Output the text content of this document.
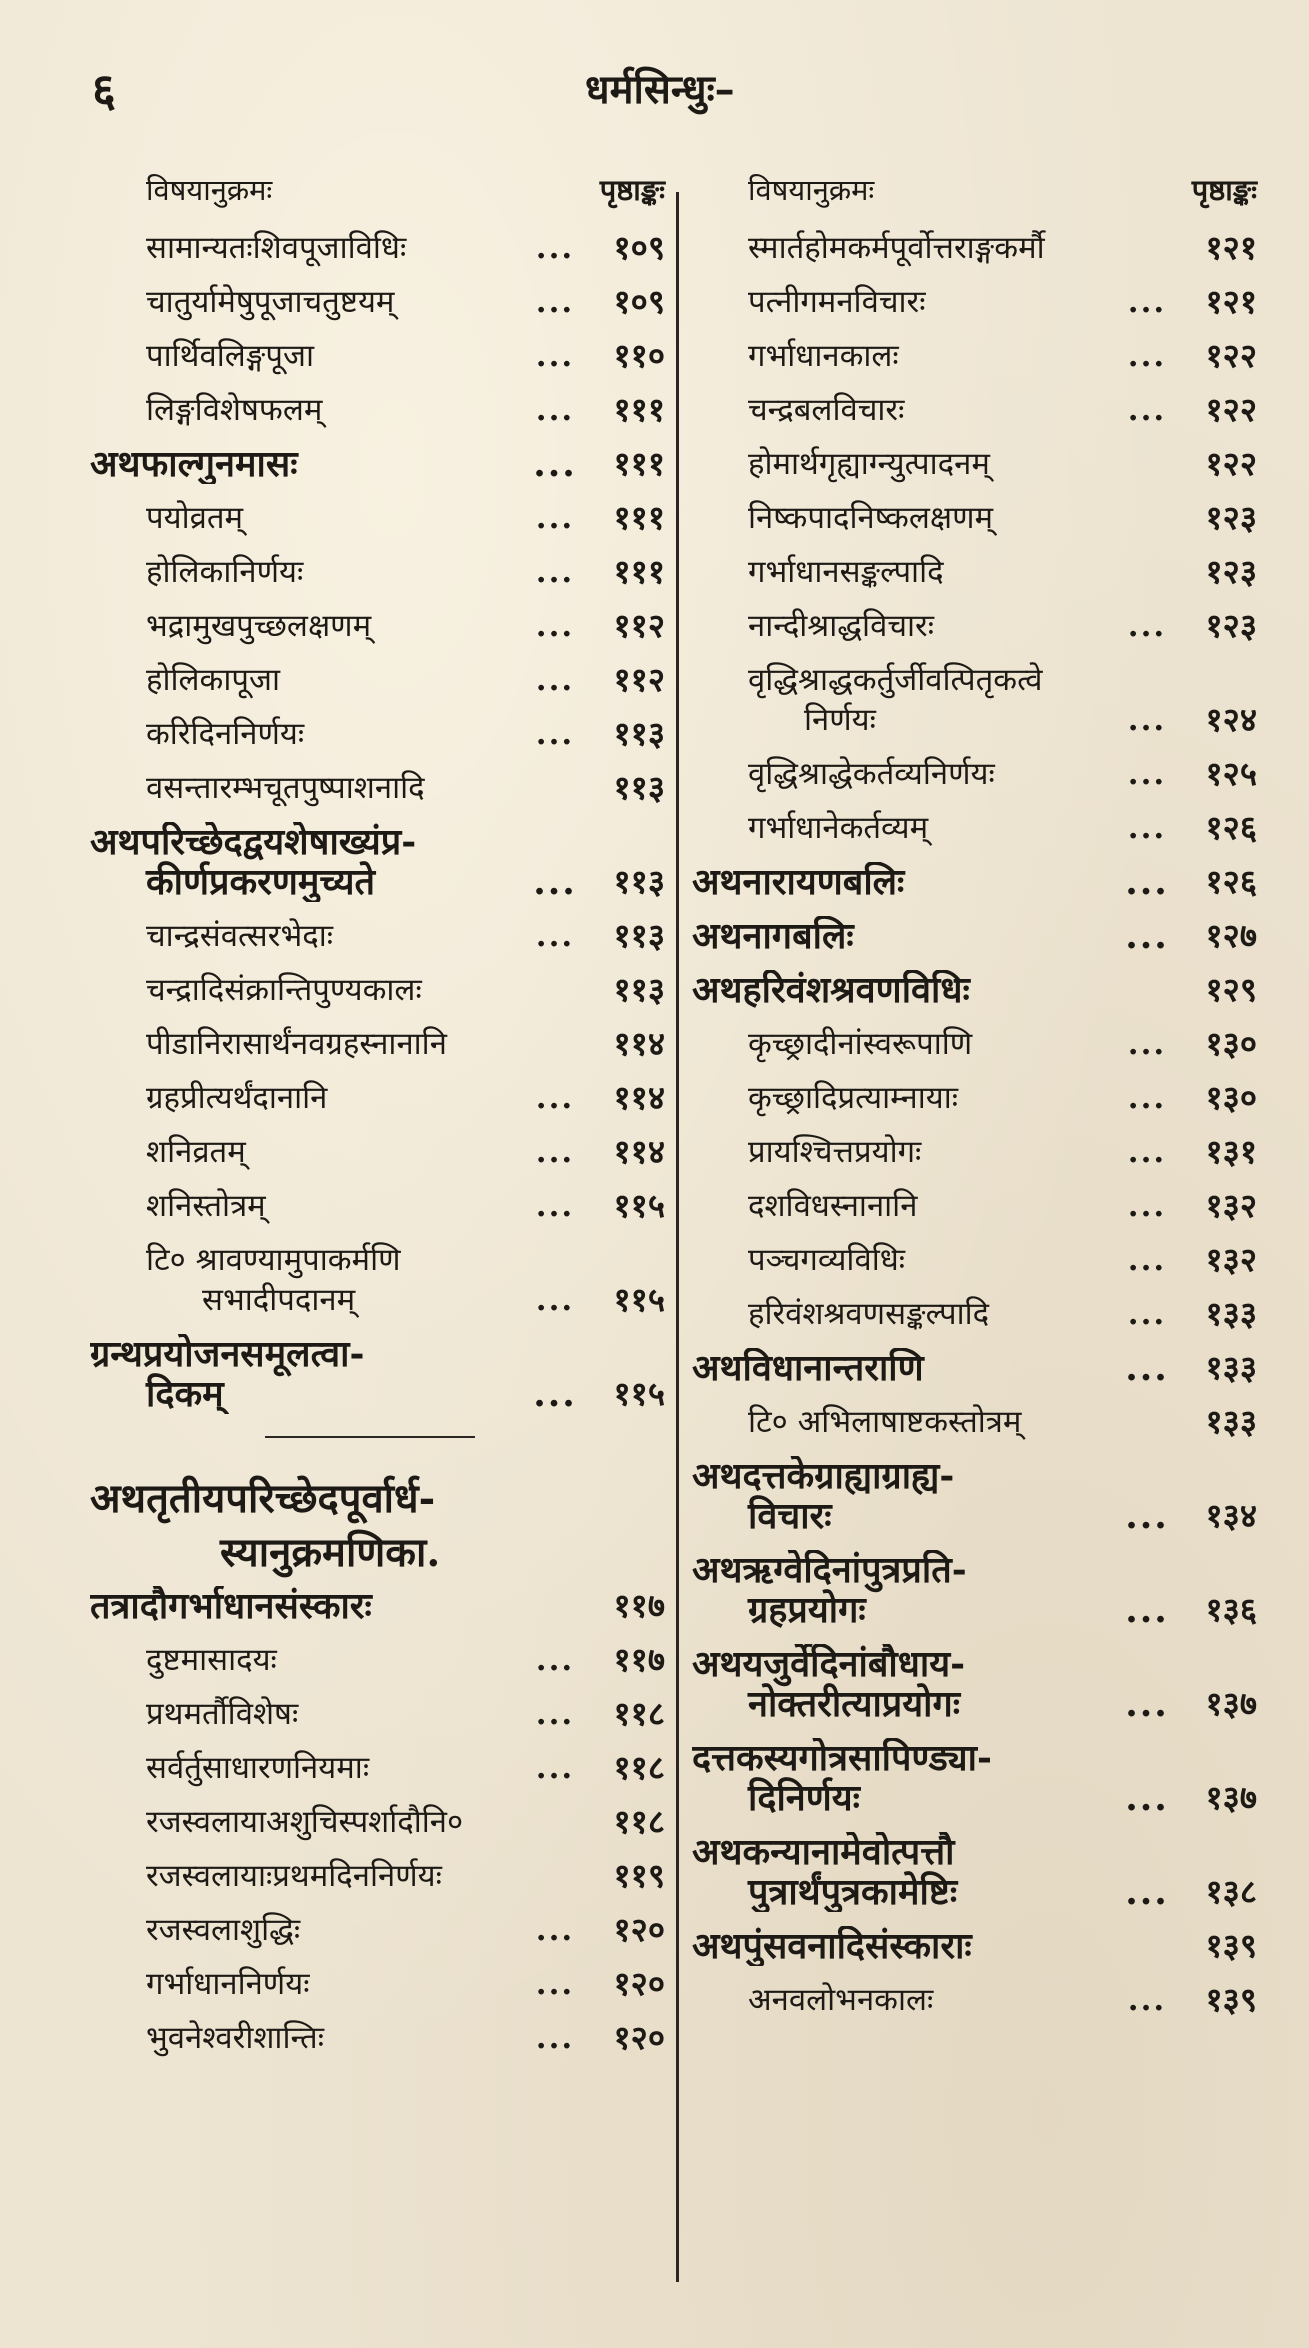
६	धर्मसिन्धुः–
विषयानुक्रमः	पृष्ठाङ्कः
सामान्यतःशिवपूजाविधिः	...	१०९
चातुर्यामेषुपूजाचतुष्टयम्	...	१०९
पार्थिवलिङ्गपूजा	...	११०
लिङ्गविशेषफलम्	...	१११
अथफाल्गुनमासः	...	१११
पयोव्रतम्	...	१११
होलिकानिर्णयः	...	१११
भद्रामुखपुच्छलक्षणम्	...	११२
होलिकापूजा	...	११२
करिदिननिर्णयः	...	११३
वसन्तारम्भचूतपुष्पाशनादि	११३
अथपरिच्छेदद्वयशेषाख्यंप्र-
कीर्णप्रकरणमुच्यते	...	११३
चान्द्रसंवत्सरभेदाः	...	११३
चन्द्रादिसंक्रान्तिपुण्यकालः	११३
पीडानिरासार्थंनवग्रहस्नानानि	११४
ग्रहप्रीत्यर्थंदानानि	...	११४
शनिव्रतम्	...	११४
शनिस्तोत्रम्	...	११५
टि० श्रावण्यामुपाकर्मणि
सभादीपदानम्	...	११५
ग्रन्थप्रयोजनसमूलत्वा-
दिकम्	...	११५
अथतृतीयपरिच्छेदपूर्वार्ध-
स्यानुक्रमणिका.
तत्रादौगर्भाधानसंस्कारः	११७
दुष्टमासादयः	...	११७
प्रथमर्तौविशेषः	...	११८
सर्वर्तुसाधारणनियमाः	...	११८
रजस्वलायाअशुचिस्पर्शादौनि०	११८
रजस्वलायाःप्रथमदिननिर्णयः	११९
रजस्वलाशुद्धिः	...	१२०
गर्भाधाननिर्णयः	...	१२०
भुवनेश्वरीशान्तिः	...	१२०
विषयानुक्रमः	पृष्ठाङ्कः
स्मार्तहोमकर्मपूर्वोत्तराङ्गकर्मौ	१२१
पत्नीगमनविचारः	...	१२१
गर्भाधानकालः	...	१२२
चन्द्रबलविचारः	...	१२२
होमार्थगृह्याग्न्युत्पादनम्	१२२
निष्कपादनिष्कलक्षणम्	१२३
गर्भाधानसङ्कल्पादि	१२३
नान्दीश्राद्धविचारः	...	१२३
वृद्धिश्राद्धकर्तुर्जीवत्पितृकत्वे
निर्णयः	...	१२४
वृद्धिश्राद्धेकर्तव्यनिर्णयः	...	१२५
गर्भाधानेकर्तव्यम्	...	१२६
अथनारायणबलिः	...	१२६
अथनागबलिः	...	१२७
अथहरिवंशश्रवणविधिः	१२९
कृच्छ्रादीनांस्वरूपाणि	...	१३०
कृच्छ्रादिप्रत्याम्नायाः	...	१३०
प्रायश्चित्तप्रयोगः	...	१३१
दशविधस्नानानि	...	१३२
पञ्चगव्यविधिः	...	१३२
हरिवंशश्रवणसङ्कल्पादि	...	१३३
अथविधानान्तराणि	...	१३३
टि० अभिलाषाष्टकस्तोत्रम्	१३३
अथदत्तकेग्राह्याग्राह्य-
विचारः	...	१३४
अथऋग्वेदिनांपुत्रप्रति-
ग्रहप्रयोगः	...	१३६
अथयजुर्वेदिनांबौधाय-
नोक्तरीत्याप्रयोगः	...	१३७
दत्तकस्यगोत्रसापिण्ड्या-
दिनिर्णयः	...	१३७
अथकन्यानामेवोत्पत्तौ
पुत्रार्थंपुत्रकामेष्टिः	...	१३८
अथपुंसवनादिसंस्काराः	१३९
अनवलोभनकालः	...	१३९
